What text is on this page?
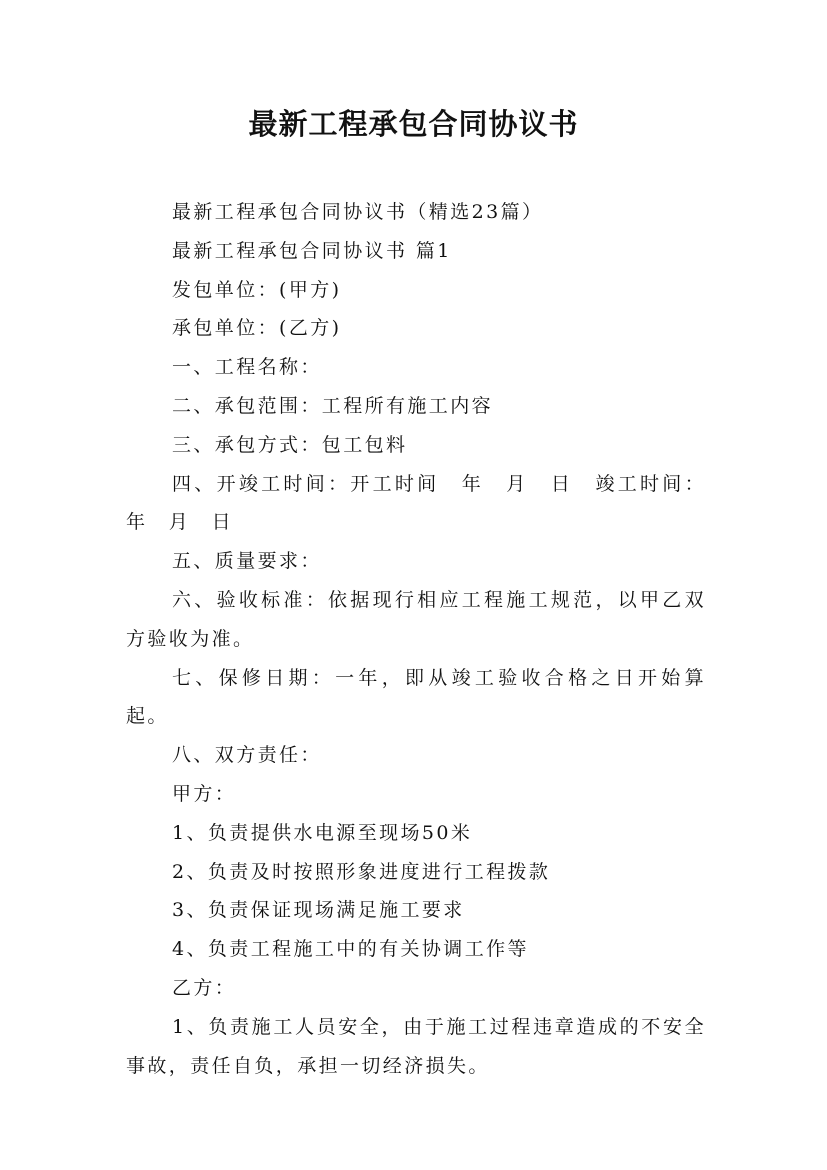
最新工程承包合同协议书

最新工程承包合同协议书（精选23篇）

最新工程承包合同协议书 篇1

发包单位：(甲方)

承包单位：(乙方)

一、工程名称：

二、承包范围：工程所有施工内容

三、承包方式：包工包料

四、开竣工时间：开工时间　年　月　日　竣工时间：年　月　日

五、质量要求：

六、验收标准：依据现行相应工程施工规范，以甲乙双方验收为准。

七、保修日期：一年，即从竣工验收合格之日开始算起。

八、双方责任：

甲方：

1、负责提供水电源至现场50米

2、负责及时按照形象进度进行工程拨款

3、负责保证现场满足施工要求

4、负责工程施工中的有关协调工作等

乙方：

1、负责施工人员安全，由于施工过程违章造成的不安全事故，责任自负，承担一切经济损失。
